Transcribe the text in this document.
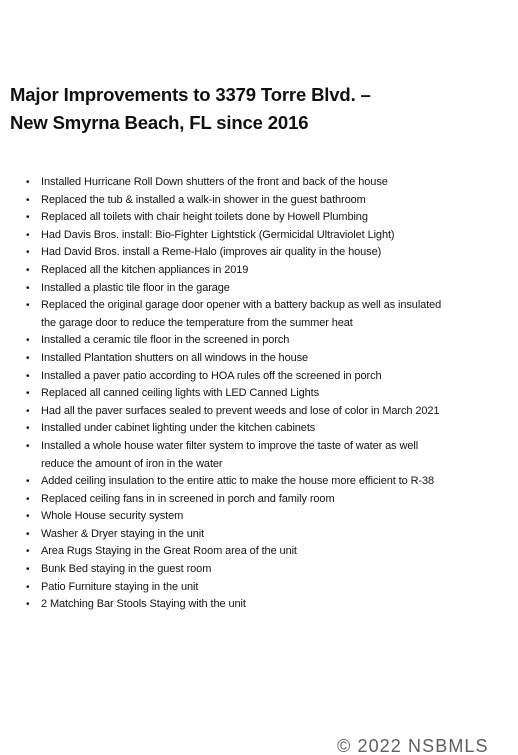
Major Improvements to 3379 Torre Blvd. –
New Smyrna Beach, FL since 2016
• Installed Hurricane Roll Down shutters of the front and back of the house
• Replaced the tub & installed a walk-in shower in the guest bathroom
• Replaced all toilets with chair height toilets done by Howell Plumbing
• Had Davis Bros. install: Bio-Fighter Lightstick (Germicidal Ultraviolet Light)
• Had David Bros. install a Reme-Halo (improves air quality in the house)
• Replaced all the kitchen appliances in 2019
• Installed a plastic tile floor in the garage
• Replaced the original garage door opener with a battery backup as well as insulated the garage door to reduce the temperature from the summer heat
• Installed a ceramic tile floor in the screened in porch
• Installed Plantation shutters on all windows in the house
• Installed a paver patio according to HOA rules off the screened in porch
• Replaced all canned ceiling lights with LED Canned Lights
• Had all the paver surfaces sealed to prevent weeds and lose of color in March 2021
• Installed under cabinet lighting under the kitchen cabinets
• Installed a whole house water filter system to improve the taste of water as well reduce the amount of iron in the water
• Added ceiling insulation to the entire attic to make the house more efficient to R-38
• Replaced ceiling fans in in screened in porch and family room
• Whole House security system
• Washer & Dryer staying in the unit
• Area Rugs Staying in the Great Room area of the unit
• Bunk Bed staying in the guest room
• Patio Furniture staying in the unit
• 2 Matching Bar Stools Staying with the unit
© 2022 NSBMLS
